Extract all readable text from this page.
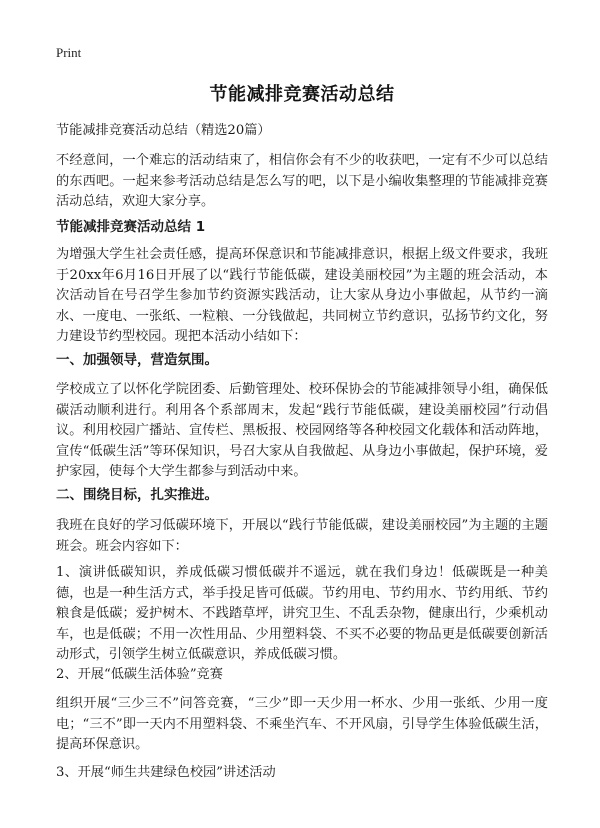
Print
节能减排竞赛活动总结

节能减排竞赛活动总结（精选20篇）

不经意间，一个难忘的活动结束了，相信你会有不少的收获吧，一定有不少可以总结的东西吧。一起来参考活动总结是怎么写的吧，以下是小编收集整理的节能减排竞赛活动总结，欢迎大家分享。

节能减排竞赛活动总结 1

为增强大学生社会责任感，提高环保意识和节能减排意识，根据上级文件要求，我班于20xx年6月16日开展了以“践行节能低碳，建设美丽校园”为主题的班会活动，本次活动旨在号召学生参加节约资源实践活动，让大家从身边小事做起，从节约一滴水、一度电、一张纸、一粒粮、一分钱做起，共同树立节约意识，弘扬节约文化，努力建设节约型校园。现把本活动小结如下：

一、加强领导，营造氛围。

学校成立了以怀化学院团委、后勤管理处、校环保协会的节能减排领导小组，确保低碳活动顺利进行。利用各个系部周末，发起“践行节能低碳，建设美丽校园”行动倡议。利用校园广播站、宣传栏、黑板报、校园网络等各种校园文化载体和活动阵地，宣传“低碳生活”等环保知识，号召大家从自我做起、从身边小事做起，保护环境，爱护家园，使每个大学生都参与到活动中来。

二、围绕目标，扎实推进。

我班在良好的学习低碳环境下，开展以“践行节能低碳，建设美丽校园”为主题的主题班会。班会内容如下：

1、演讲低碳知识，养成低碳习惯低碳并不遥远，就在我们身边！低碳既是一种美德，也是一种生活方式，举手投足皆可低碳。节约用电、节约用水、节约用纸、节约粮食是低碳；爱护树木、不践踏草坪，讲究卫生、不乱丢杂物，健康出行，少乘机动车，也是低碳；不用一次性用品、少用塑料袋、不买不必要的物品更是低碳要创新活动形式，引领学生树立低碳意识，养成低碳习惯。

2、开展“低碳生活体验”竞赛

组织开展“三少三不”问答竞赛，“三少”即一天少用一杯水、少用一张纸、少用一度电；“三不”即一天内不用塑料袋、不乘坐汽车、不开风扇，引导学生体验低碳生活，提高环保意识。

3、开展“师生共建绿色校园”讲述活动
